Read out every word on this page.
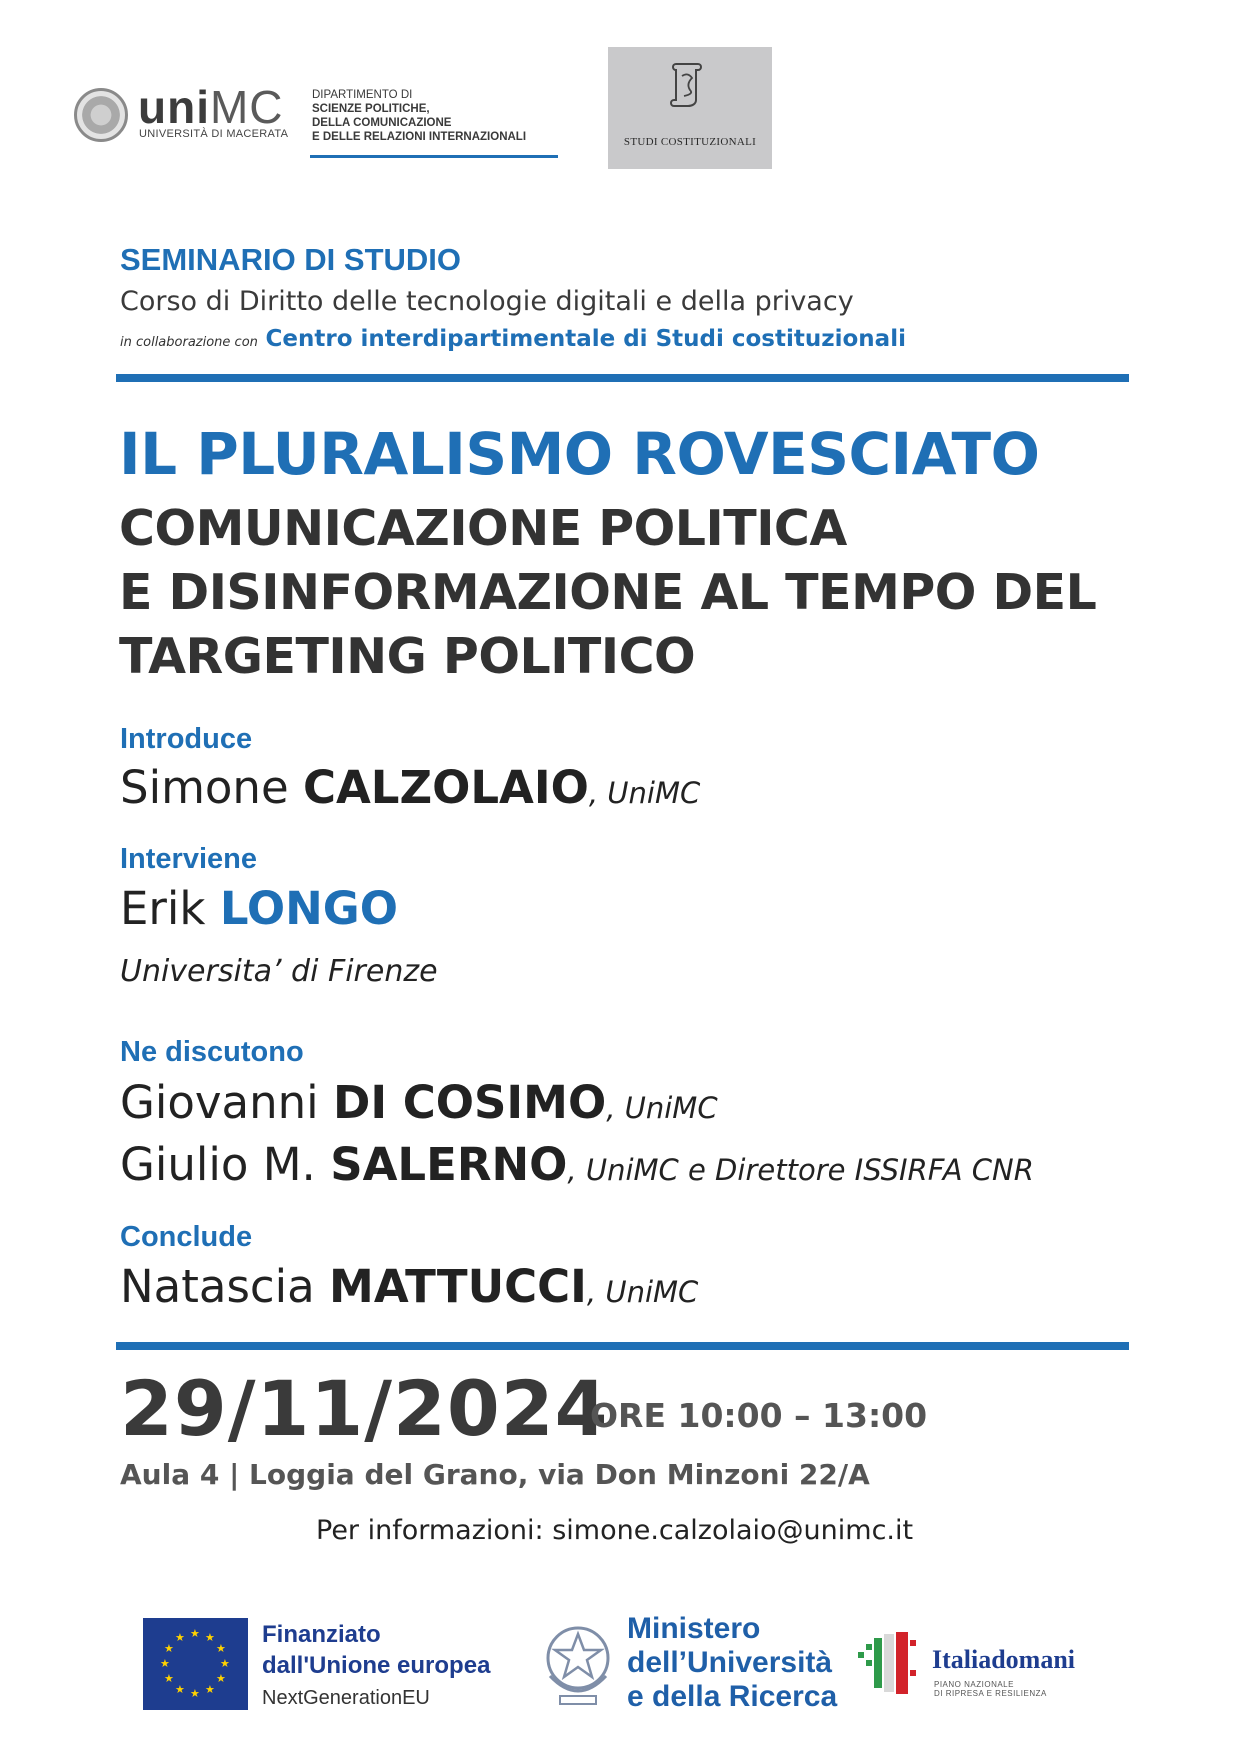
uniMC
UNIVERSITÀ DI MACERATA
DIPARTIMENTO DI
SCIENZE POLITICHE,
DELLA COMUNICAZIONE
E DELLE RELAZIONI INTERNAZIONALI	STUDI COSTITUZIONALI
SEMINARIO DI STUDIO
Corso di Diritto delle tecnologie digitali e della privacy
in collaborazione con Centro interdipartimentale di Studi costituzionali
IL PLURALISMO ROVESCIATO
COMUNICAZIONE POLITICA
E DISINFORMAZIONE AL TEMPO DEL
TARGETING POLITICO
Introduce
Simone CALZOLAIO, UniMC
Interviene
Erik LONGO
Universita’ di Firenze
Ne discutono
Giovanni DI COSIMO, UniMC
Giulio M. SALERNO, UniMC e Direttore ISSIRFA CNR
Conclude
Natascia MATTUCCI, UniMC
29/11/2024
ORE 10:00 – 13:00
Aula 4 | Loggia del Grano, via Don Minzoni 22/A
Per informazioni: simone.calzolaio@unimc.it
★ ★
★
★
★
★
★
★
★
★
★
★	Finanziato
dall'Unione europea
NextGenerationEU
Ministero
dell’Università
e della Ricerca
Italiadomani
PIANO NAZIONALE
DI RIPRESA E RESILIENZA
